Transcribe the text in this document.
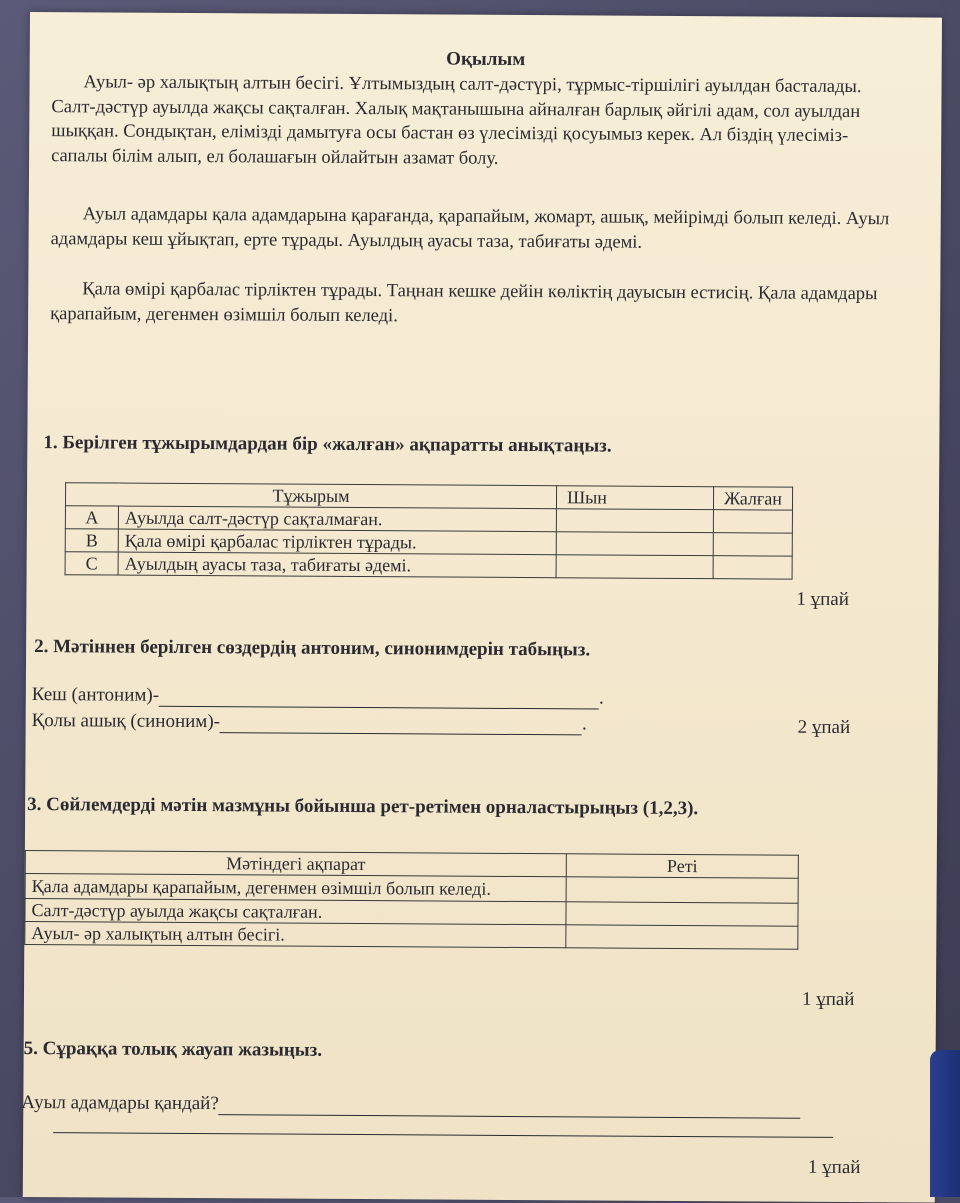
Оқылым
Ауыл- әр халықтың алтын бесігі. Ұлтымыздың салт-дәстүрі, тұрмыс-тіршілігі ауылдан басталады. Салт-дәстүр ауылда жақсы сақталған. Халық мақтанышына айналған барлық әйгілі адам, сол ауылдан шыққан. Сондықтан, елімізді дамытуға осы бастан өз үлесімізді қосуымыз керек. Ал біздің үлесіміз-сапалы білім алып, ел болашағын ойлайтын азамат болу.
Ауыл адамдары қала адамдарына қарағанда, қарапайым, жомарт, ашық, мейірімді болып келеді. Ауыл адамдары кеш ұйықтап, ерте тұрады. Ауылдың ауасы таза, табиғаты әдемі.
Қала өмірі қарбалас тірліктен тұрады. Таңнан кешке дейін көліктің дауысын естисің. Қала адамдары қарапайым, дегенмен өзімшіл болып келеді.
1. Берілген тұжырымдардан бір «жалған» ақпаратты анықтаңыз.
Тұжырым		Шын	Жалған
A	Ауылда салт-дәстүр сақталмаған.		
B	Қала өмірі қарбалас тірліктен тұрады.		
C	Ауылдың ауасы таза, табиғаты әдемі.		
1 ұпай
2. Мәтіннен берілген сөздердің антоним, синонимдерін табыңыз.
Кеш (антоним)-	.
Қолы ашық (синоним)-	.	2 ұпай
3. Сөйлемдерді мәтін мазмұны бойынша рет-ретімен орналастырыңыз (1,2,3).
Мәтіндегі ақпарат	Реті

Қала адамдары қарапайым, дегенмен өзімшіл болып келеді.	

Салт-дәстүр ауылда жақсы сақталған.	
Ауыл- әр халықтың алтын бесігі.	
1 ұпай
5. Сұраққа толық жауап жазыңыз.
Ауыл адамдары қандай?
1 ұпай
